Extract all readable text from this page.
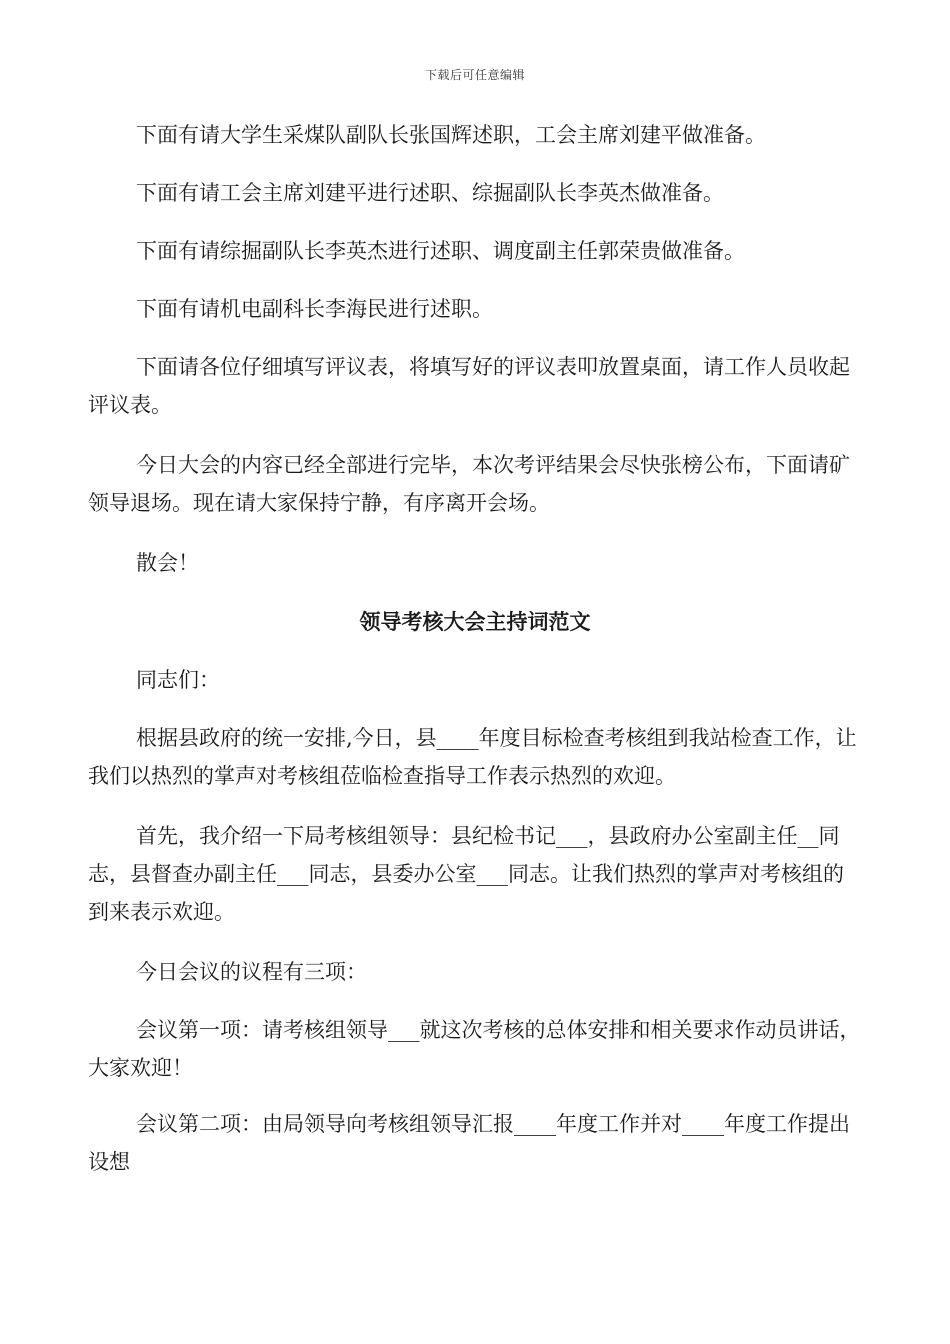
下载后可任意编辑

下面有请大学生采煤队副队长张国辉述职，工会主席刘建平做准备。

下面有请工会主席刘建平进行述职、综掘副队长李英杰做准备。

下面有请综掘副队长李英杰进行述职、调度副主任郭荣贵做准备。

下面有请机电副科长李海民进行述职。

下面请各位仔细填写评议表，将填写好的评议表叩放置桌面，请工作人员收起评议表。

今日大会的内容已经全部进行完毕，本次考评结果会尽快张榜公布，下面请矿领导退场。现在请大家保持宁静，有序离开会场。

散会！

领导考核大会主持词范文

同志们：

根据县政府的统一安排,今日，县____年度目标检查考核组到我站检查工作，让我们以热烈的掌声对考核组莅临检查指导工作表示热烈的欢迎。

首先，我介绍一下局考核组领导：县纪检书记___，县政府办公室副主任__同志，县督查办副主任___同志，县委办公室___同志。让我们热烈的掌声对考核组的到来表示欢迎。

今日会议的议程有三项：

会议第一项：请考核组领导___就这次考核的总体安排和相关要求作动员讲话，大家欢迎！

会议第二项：由局领导向考核组领导汇报____年度工作并对____年度工作提出设想
